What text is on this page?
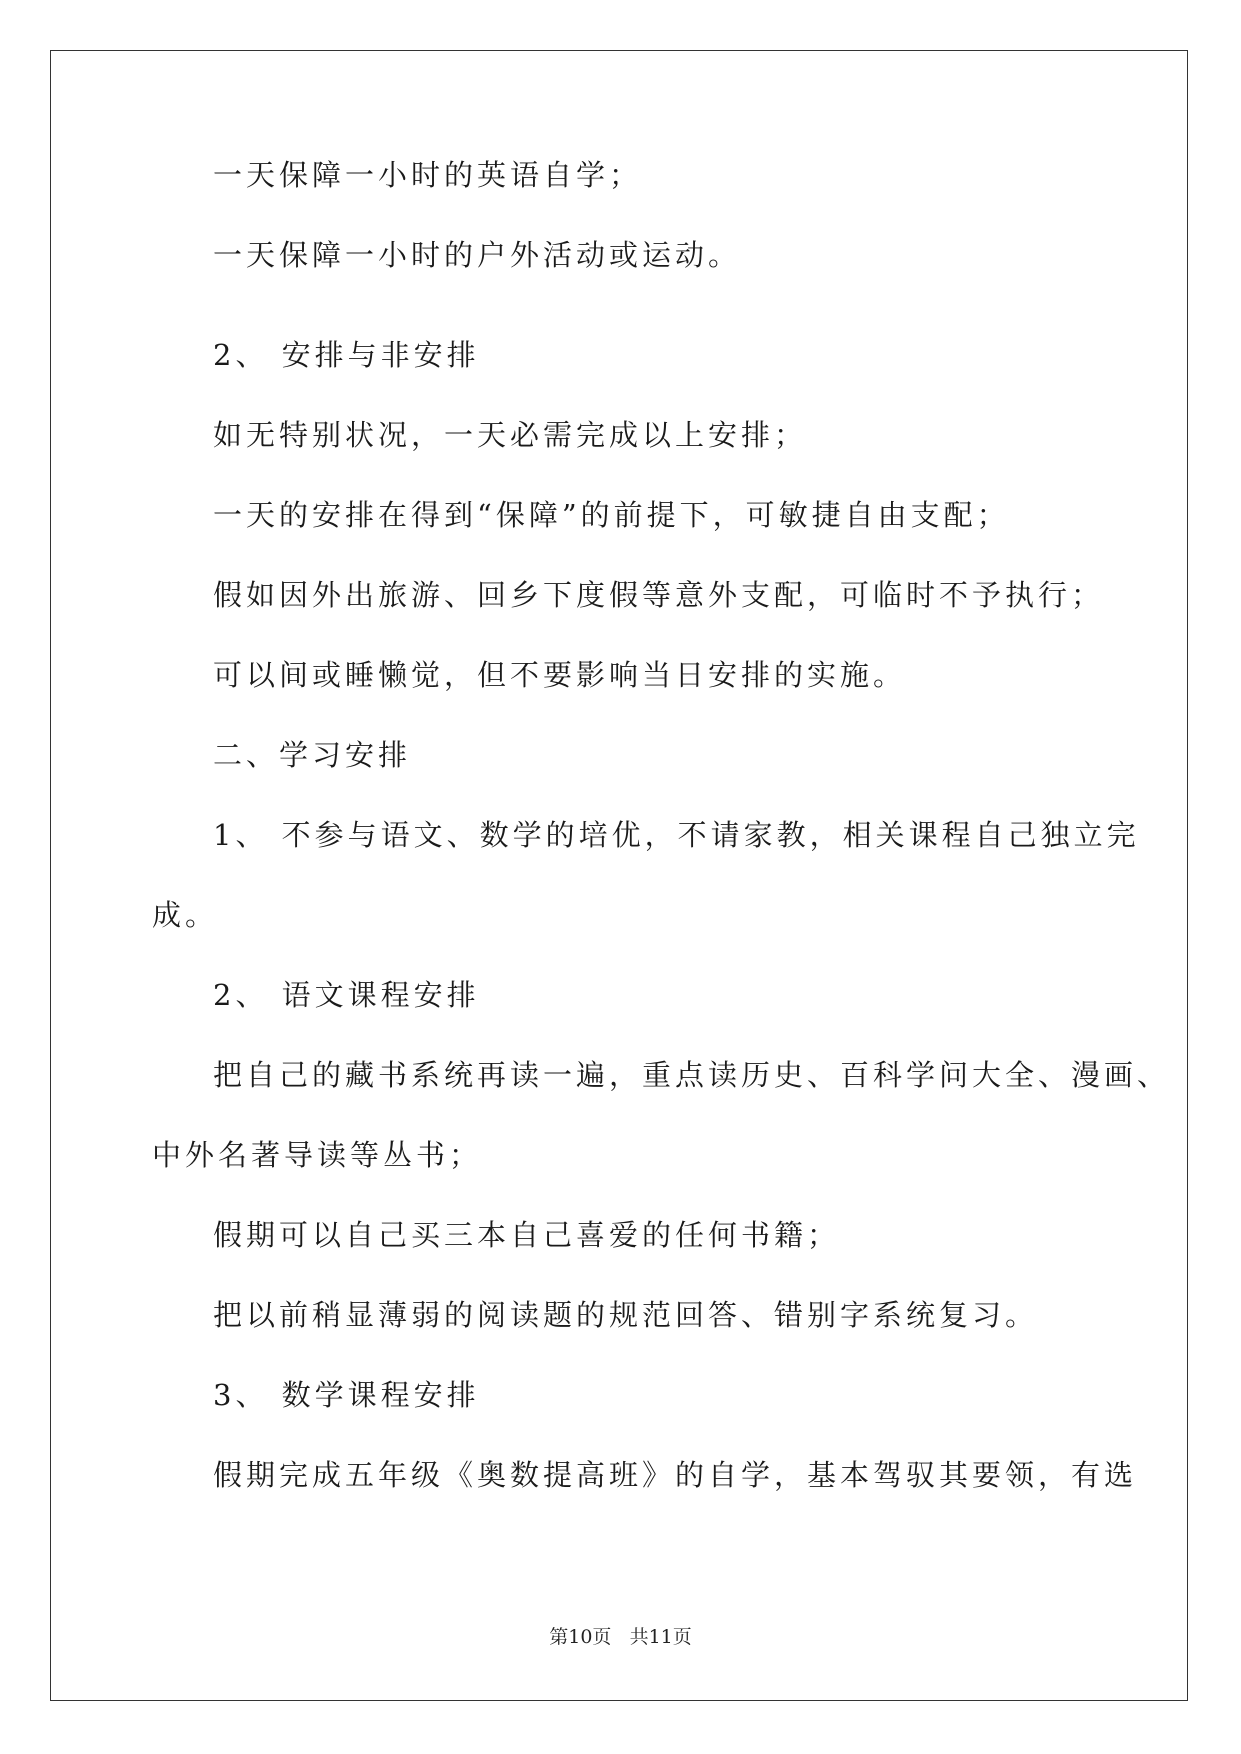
一天保障一小时的英语自学；
一天保障一小时的户外活动或运动。
2、 安排与非安排
如无特别状况，一天必需完成以上安排；
一天的安排在得到“保障”的前提下，可敏捷自由支配；
假如因外出旅游、回乡下度假等意外支配，可临时不予执行；
可以间或睡懒觉，但不要影响当日安排的实施。
二、学习安排
1、 不参与语文、数学的培优，不请家教，相关课程自己独立完
成。
2、 语文课程安排
把自己的藏书系统再读一遍，重点读历史、百科学问大全、漫画、
中外名著导读等丛书；
假期可以自己买三本自己喜爱的任何书籍；
把以前稍显薄弱的阅读题的规范回答、错别字系统复习。
3、 数学课程安排
假期完成五年级《奥数提高班》的自学，基本驾驭其要领，有选
第10页 共11页
